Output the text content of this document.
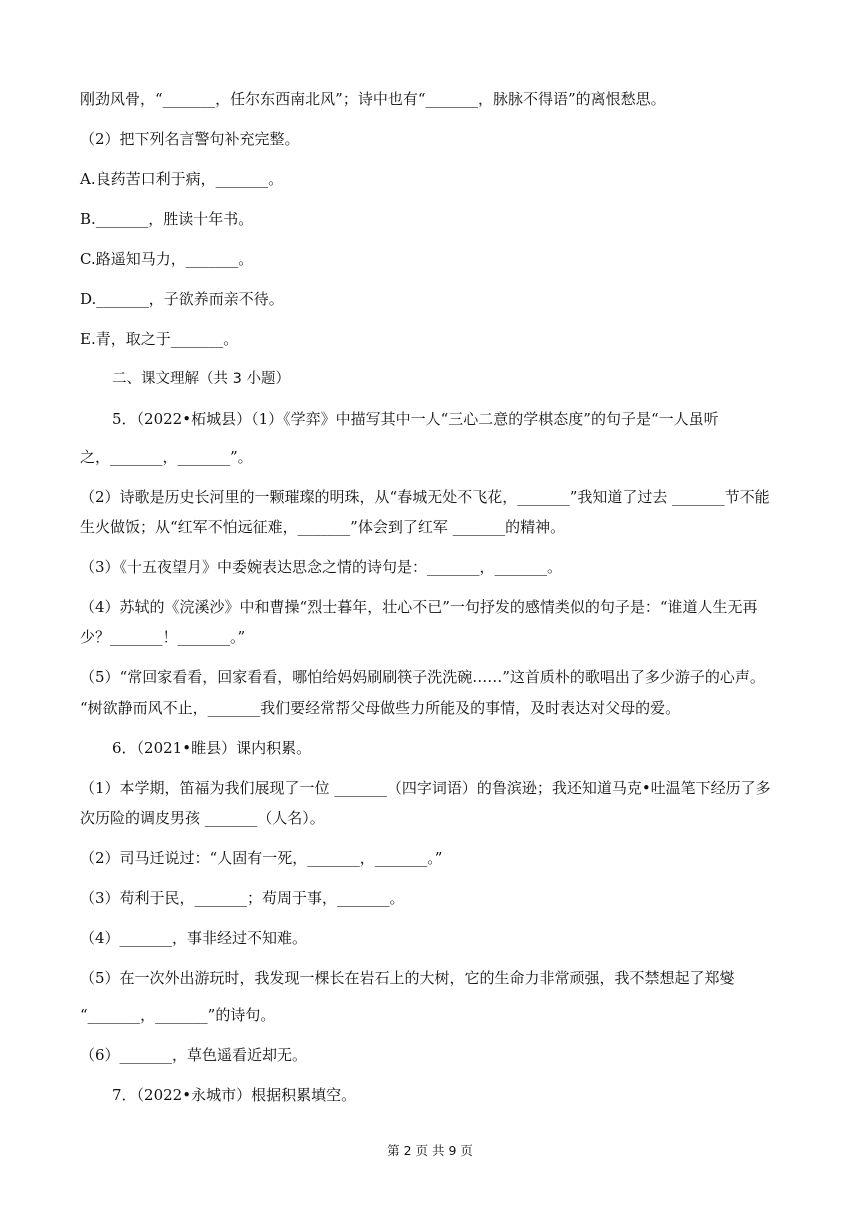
刚劲风骨，“_______，任尔东西南北风”；诗中也有“_______，脉脉不得语”的离恨愁思。
（2）把下列名言警句补充完整。
A.良药苦口利于病，_______。
B._______，胜读十年书。
C.路遥知马力，_______。
D._______，子欲养而亲不待。
E.青，取之于_______。
二、课文理解（共 3 小题）
5．（2022•柘城县）（1）《学弈》中描写其中一人“三心二意的学棋态度”的句子是“一人虽听
之，_______，_______”。
（2）诗歌是历史长河里的一颗璀璨的明珠，从“春城无处不飞花，_______”我知道了过去 _______节不能
生火做饭；从“红军不怕远征难，_______”体会到了红军 _______的精神。
（3）《十五夜望月》中委婉表达思念之情的诗句是：_______，_______。
（4）苏轼的《浣溪沙》中和曹操“烈士暮年，壮心不已”一句抒发的感情类似的句子是：“谁道人生无再
少？_______！_______。”
（5）“常回家看看，回家看看，哪怕给妈妈刷刷筷子洗洗碗……”这首质朴的歌唱出了多少游子的心声。
“树欲静而风不止，_______我们要经常帮父母做些力所能及的事情，及时表达对父母的爱。
6．（2021•睢县）课内积累。
（1）本学期，笛福为我们展现了一位 _______（四字词语）的鲁滨逊；我还知道马克•吐温笔下经历了多
次历险的调皮男孩 _______（人名）。
（2）司马迁说过：“人固有一死，_______，_______。”
（3）苟利于民，_______；苟周于事，_______。
（4）_______，事非经过不知难。
（5）在一次外出游玩时，我发现一棵长在岩石上的大树，它的生命力非常顽强，我不禁想起了郑燮
“_______，_______”的诗句。
（6）_______，草色遥看近却无。
7．（2022•永城市）根据积累填空。
第 2 页 共 9 页
